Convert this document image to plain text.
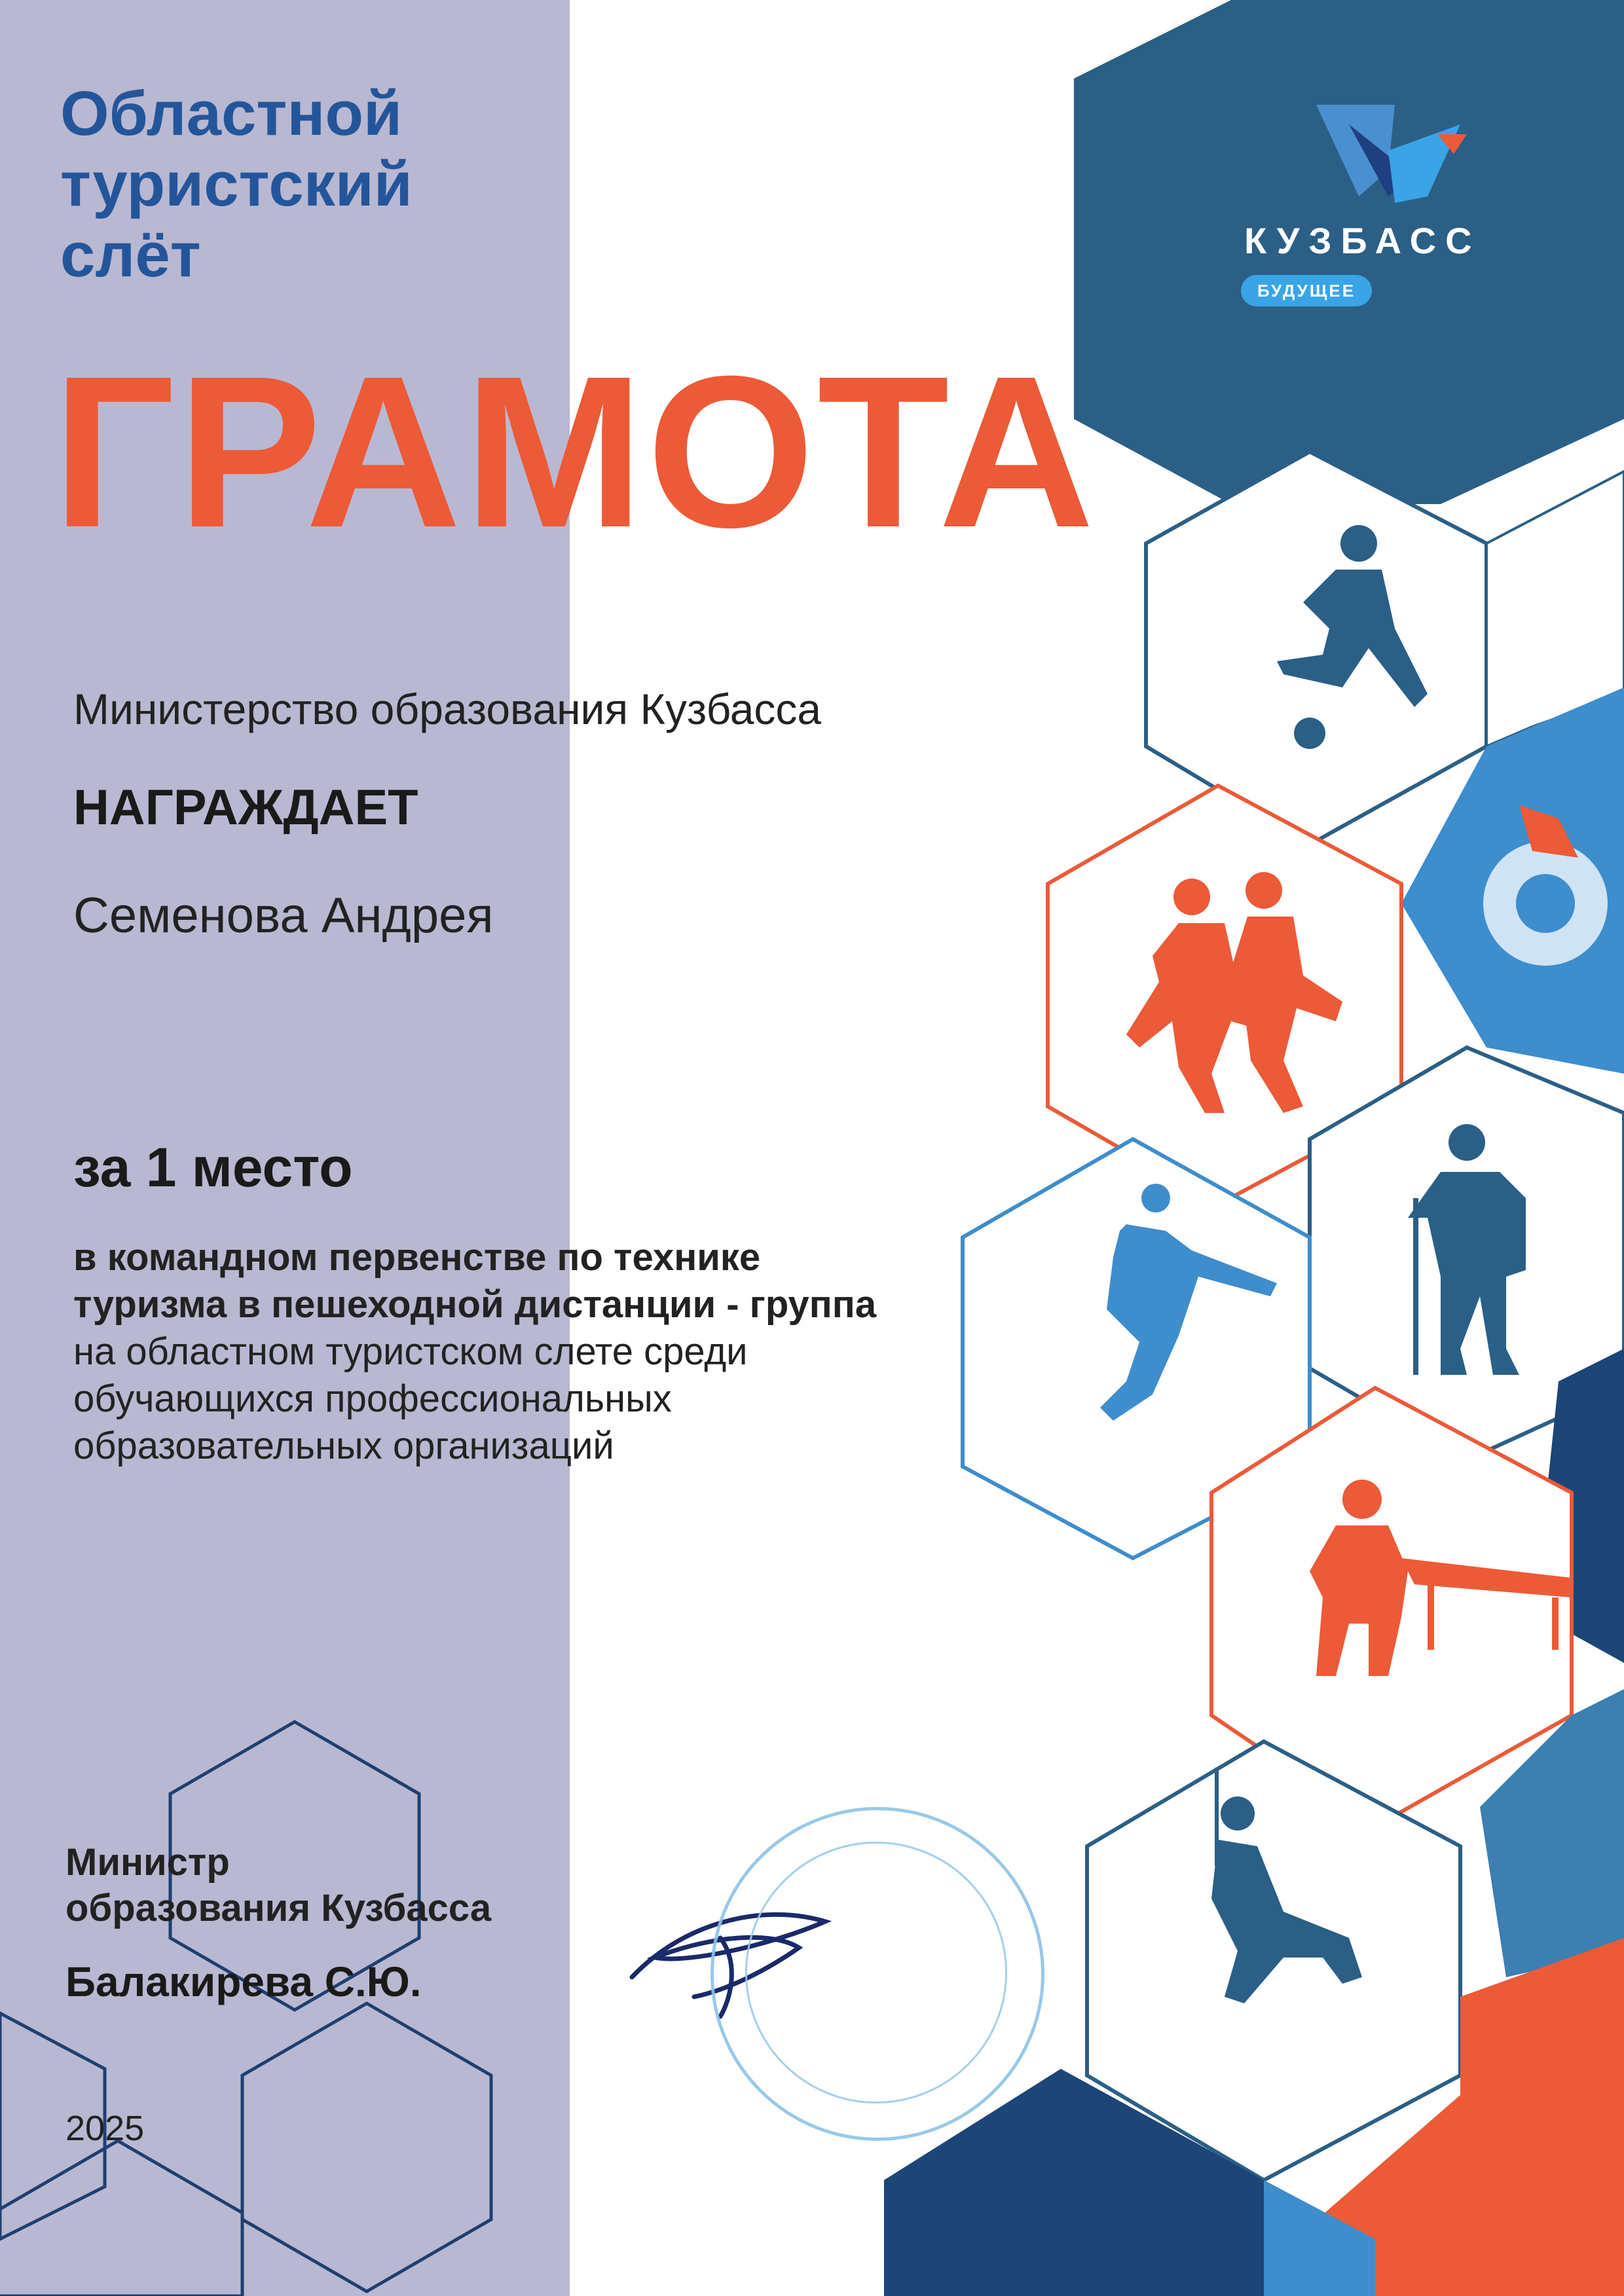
Областной
туристский
слёт
ГРАМОТА
Министерство образования Кузбасса
НАГРАЖДАЕТ
Семенова Андрея
за 1 место
в командном первенстве по технике
туризма в пешеходной дистанции - группа
на областном туристском слете среди
обучающихся профессиональных
образовательных организаций
Министр
образования Кузбасса
Балакирева С.Ю.
2025
КУЗБАСС
БУДУЩЕЕ
